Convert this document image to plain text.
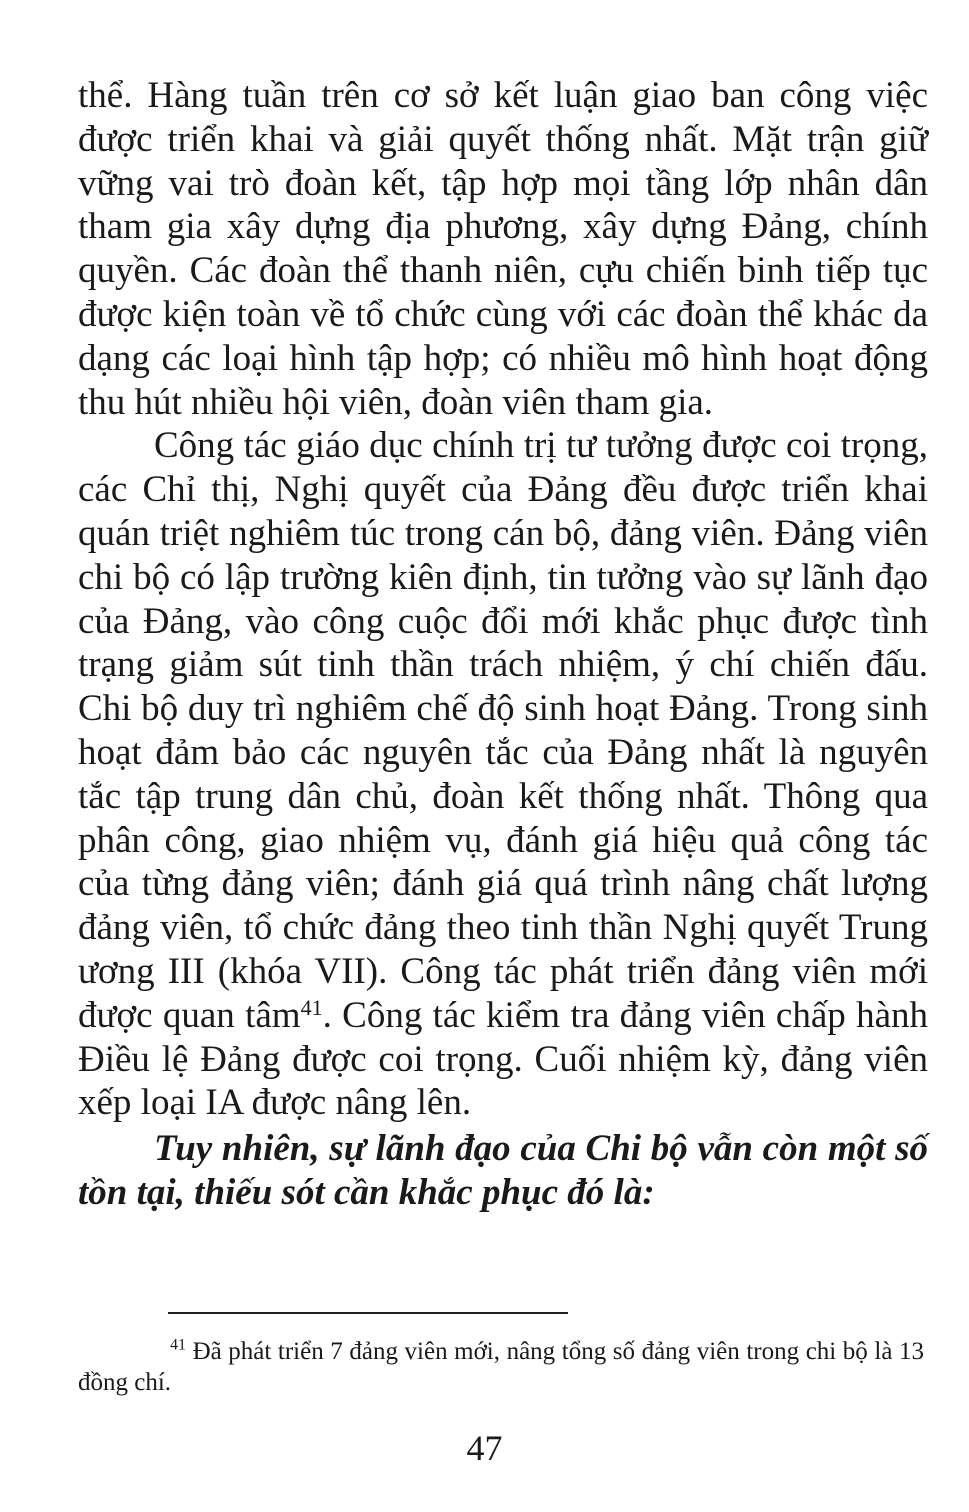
thể. Hàng tuần trên cơ sở kết luận giao ban công việc được triển khai và giải quyết thống nhất. Mặt trận giữ vững vai trò đoàn kết, tập hợp mọi tầng lớp nhân dân tham gia xây dựng địa phương, xây dựng Đảng, chính quyền. Các đoàn thể thanh niên, cựu chiến binh tiếp tục được kiện toàn về tổ chức cùng với các đoàn thể khác da dạng các loại hình tập hợp; có nhiều mô hình hoạt động thu hút nhiều hội viên, đoàn viên tham gia.

Công tác giáo dục chính trị tư tưởng được coi trọng, các Chỉ thị, Nghị quyết của Đảng đều được triển khai quán triệt nghiêm túc trong cán bộ, đảng viên. Đảng viên chi bộ có lập trường kiên định, tin tưởng vào sự lãnh đạo của Đảng, vào công cuộc đổi mới khắc phục được tình trạng giảm sút tinh thần trách nhiệm, ý chí chiến đấu. Chi bộ duy trì nghiêm chế độ sinh hoạt Đảng. Trong sinh hoạt đảm bảo các nguyên tắc của Đảng nhất là nguyên tắc tập trung dân chủ, đoàn kết thống nhất. Thông qua phân công, giao nhiệm vụ, đánh giá hiệu quả công tác của từng đảng viên; đánh giá quá trình nâng chất lượng đảng viên, tổ chức đảng theo tinh thần Nghị quyết Trung ương III (khóa VII). Công tác phát triển đảng viên mới được quan tâm$^{41}$. Công tác kiểm tra đảng viên chấp hành Điều lệ Đảng được coi trọng. Cuối nhiệm kỳ, đảng viên xếp loại IA được nâng lên.

Tuy nhiên, sự lãnh đạo của Chi bộ vẫn còn một số tồn tại, thiếu sót cần khắc phục đó là:

$^{41}$ Đã phát triển 7 đảng viên mới, nâng tổng số đảng viên trong chi bộ là 13 đồng chí.

47
